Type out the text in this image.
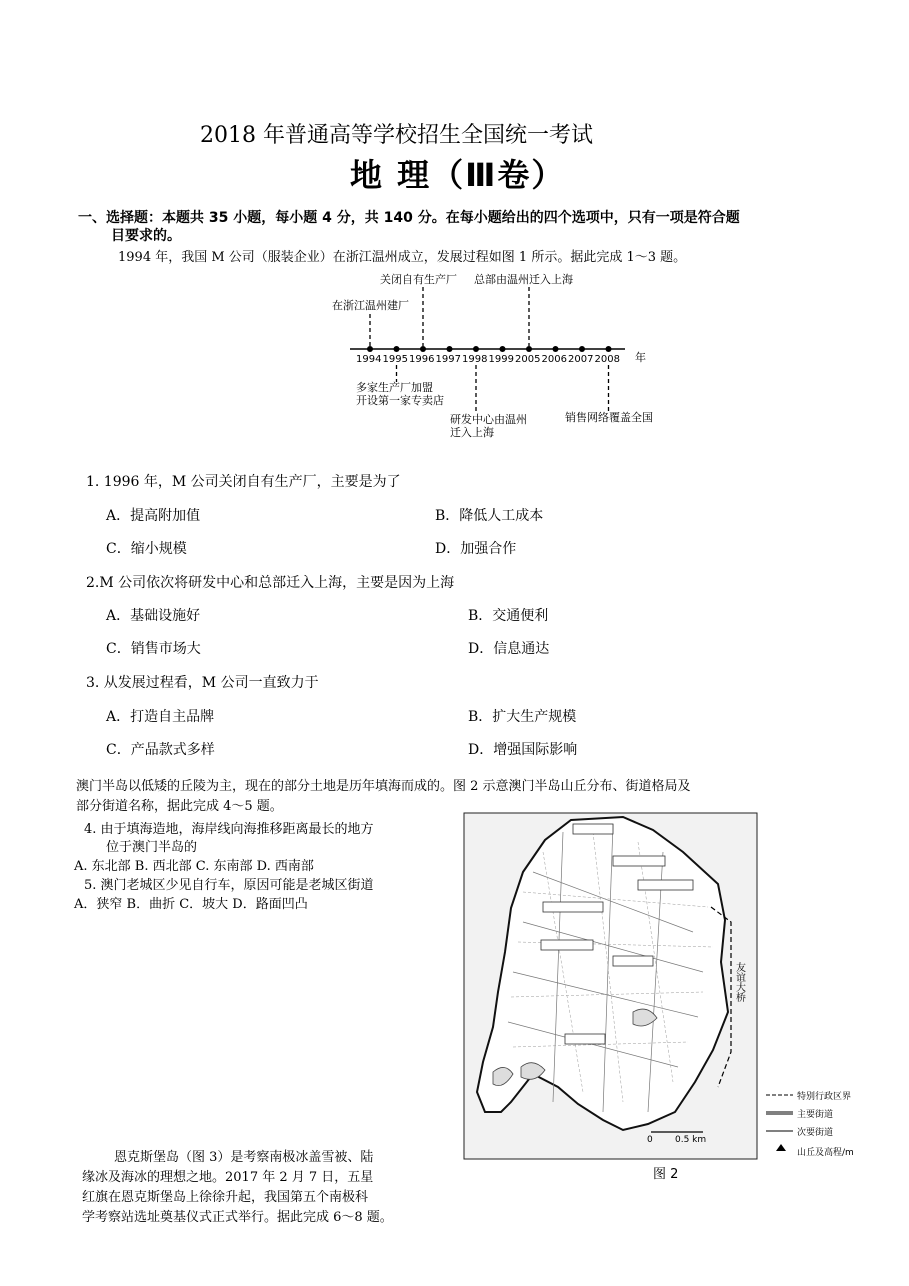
2018 年普通高等学校招生全国统一考试
地 理（Ⅲ卷）
一、选择题：本题共 35 小题，每小题 4 分，共 140 分。在每小题给出的四个选项中，只有一项是符合题
目要求的。
1994 年，我国 M 公司（服装企业）在浙江温州成立，发展过程如图 1 所示。据此完成 1～3 题。
1994 1995 1996 1997 1998 1999 2005 2006 2007 2008
关闭自有生产厂 总部由温州迁入上海
在浙江温州建厂
多家生产厂加盟
开设第一家专卖店
研发中心由温州
迁入上海
销售网络覆盖全国
年
1. 1996 年，M 公司关闭自有生产厂，主要是为了
A．提高附加值	B．降低人工成本
C．缩小规模	D．加强合作
2.M 公司依次将研发中心和总部迁入上海，主要是因为上海
A．基础设施好	B．交通便利
C．销售市场大	D．信息通达
3. 从发展过程看，M 公司一直致力于
A．打造自主品牌	B．扩大生产规模
C．产品款式多样	D．增强国际影响
澳门半岛以低矮的丘陵为主，现在的部分土地是历年填海而成的。图 2 示意澳门半岛山丘分布、街道格局及
部分街道名称，据此完成 4～5 题。
4. 由于填海造地，海岸线向海推移距离最长的地方
位于澳门半岛的
A. 东北部 B. 西北部 C. 东南部 D. 西南部
5. 澳门老城区少见自行车，原因可能是老城区街道
A．狭窄 B．曲折 C．坡大 D．路面凹凸
0 0.5 km
友谊大桥
特别行政区界
主要街道
次要街道
山丘及高程/m
图 2
恩克斯堡岛（图 3）是考察南极冰盖雪被、陆
缘冰及海冰的理想之地。2017 年 2 月 7 日，五星
红旗在恩克斯堡岛上徐徐升起，我国第五个南极科
学考察站选址奠基仪式正式举行。据此完成 6～8 题。
